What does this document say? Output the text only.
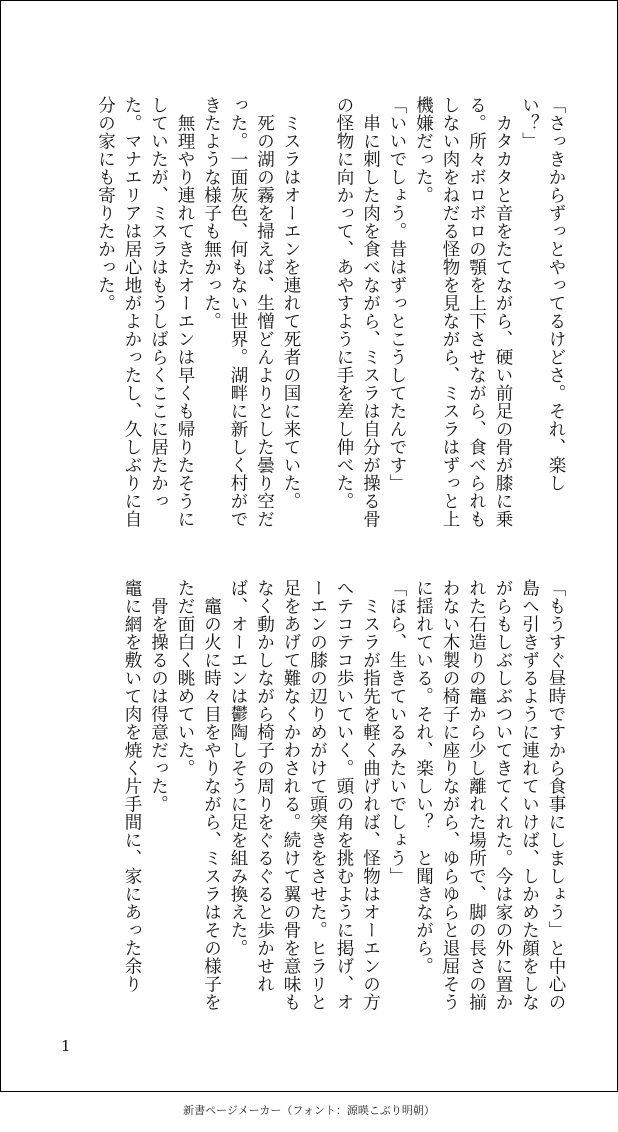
「さっきからずっとやってるけどさ。それ、楽しい？」

カタカタと音をたてながら、硬い前足の骨が膝に乗る。所々ボロボロの顎を上下させながら、食べられもしない肉をねだる怪物を見ながら、ミスラはずっと上機嫌だった。

「いいでしょう。昔はずっとこうしてたんです」

串に刺した肉を食べながら、ミスラは自分が操る骨の怪物に向かって、あやすように手を差し伸べた。

ミスラはオーエンを連れて死者の国に来ていた。

死の湖の霧を掃えば、生憎どんよりとした曇り空だった。一面灰色、何もない世界。湖畔に新しく村ができたような様子も無かった。

無理やり連れてきたオーエンは早くも帰りたそうにしていたが、ミスラはもうしばらくここに居たかった。マナエリアは居心地がよかったし、久しぶりに自分の家にも寄りたかった。

「もうすぐ昼時ですから食事にしましょう」と中心の島へ引きずるように連れていけば、しかめた顔をしながらもしぶしぶついてきてくれた。今は家の外に置かれた石造りの竈から少し離れた場所で、脚の長さの揃わない木製の椅子に座りながら、ゆらゆらと退屈そうに揺れている。それ、楽しい？　と聞きながら。

「ほら、生きているみたいでしょう」

ミスラが指先を軽く曲げれば、怪物はオーエンの方へテコテコ歩いていく。頭の角を挑むように掲げ、オーエンの膝の辺りめがけて頭突きをさせた。ヒラリと足をあげて難なくかわされる。続けて翼の骨を意味もなく動かしながら椅子の周りをぐるぐると歩かせれば、オーエンは鬱陶しそうに足を組み換えた。

竈の火に時々目をやりながら、ミスラはその様子をただ面白く眺めていた。

骨を操るのは得意だった。

竈に網を敷いて肉を焼く片手間に、家にあった余り

1
新書ページメーカー（フォント：源暎こぶり明朝）
